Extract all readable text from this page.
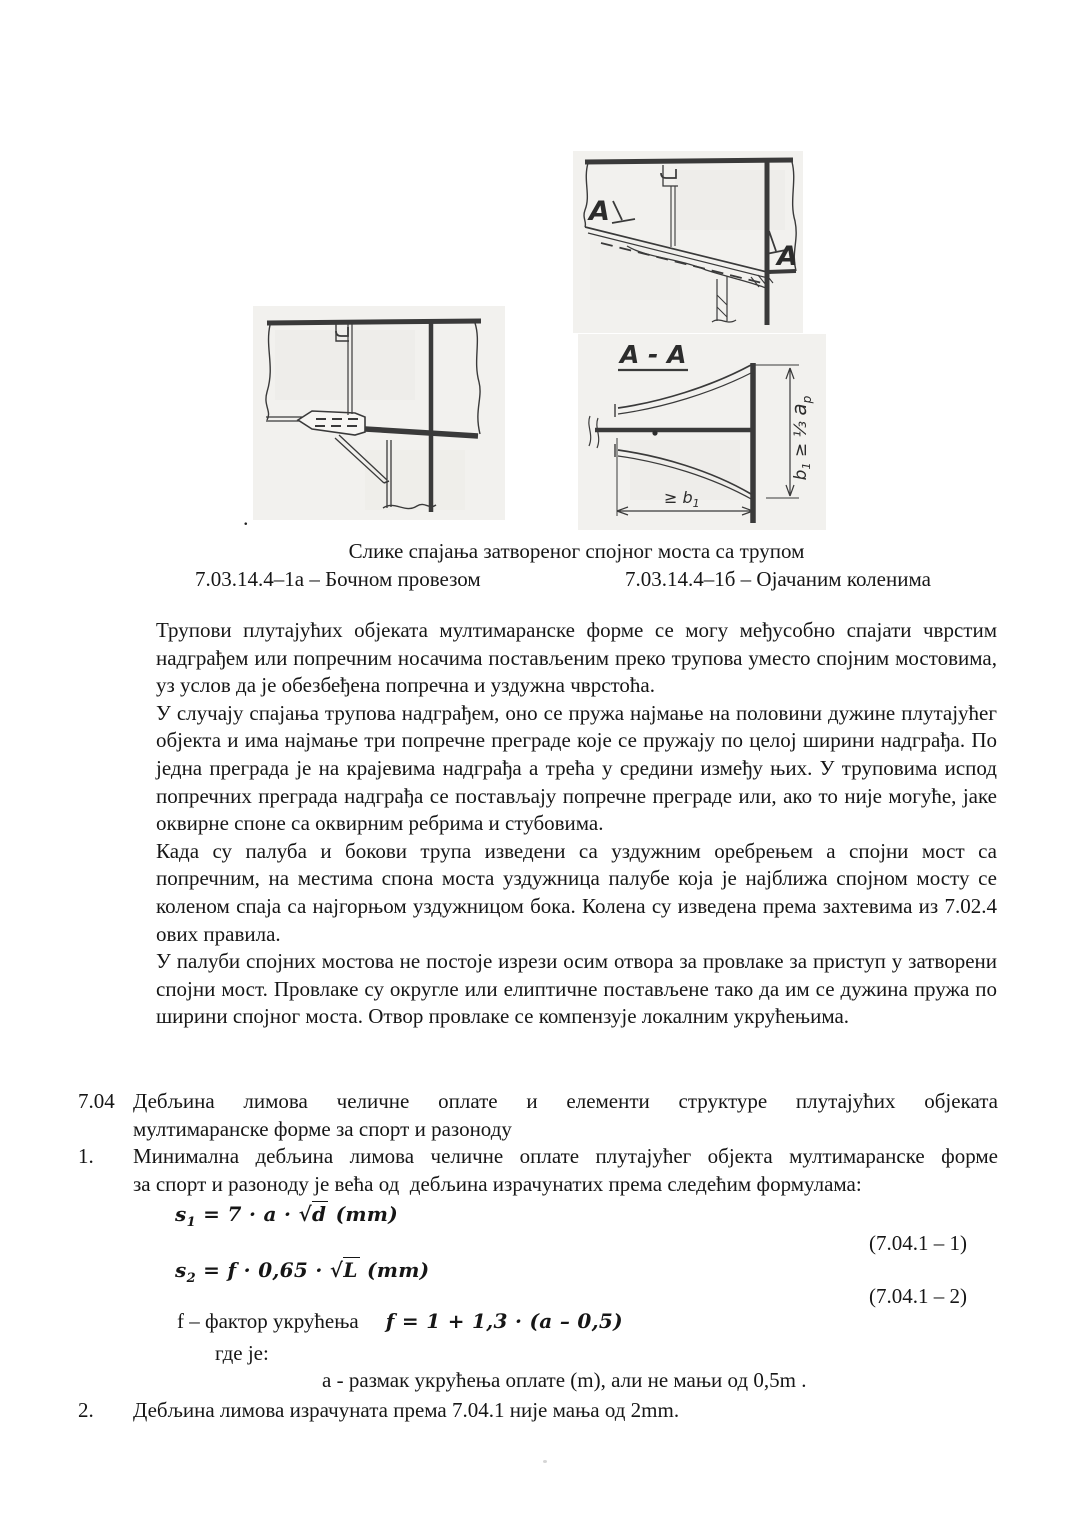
.
A
A
A - A
≥ $b_1$
$b_1$ ≥ ⅓ $a_p$
Слике спајања затвореног спојног моста са трупом
7.03.14.4–1а – Бочном провезом	7.03.14.4–1б – Ојачаним коленима

Трупови плутајућих објеката мултимаранске форме се могу међусобно спајати чврстим надграђем или попречним носачима постављеним преко трупова уместо спојним мостовима, уз услов да је обезбеђена попречна и уздужна чврстоћа.

У случају спајања трупова надграђем, оно се пружа најмање на половини дужине плутајућег објекта и има најмање три попречне преграде које се пружају по целој ширини надграђа. По једна преграда је на крајевима надграђа а трећа у средини између њих. У труповима испод попречних преграда надграђа се постављају попречне преграде или, ако то није могуће, јаке оквирне споне са оквирним ребрима и стубовима.

Када су палуба и бокови трупа изведени са уздужним оребрењем а спојни мост са попречним, на местима спона моста уздужница палубе која је најближа спојном мосту се коленом спаја са најгорњом уздужницом бока. Колена су изведена према захтевима из 7.02.4 ових правила.

У палуби спојних мостова не постоје изрези осим отвора за провлаке за приступ у затворени спојни мост. Провлаке су округле или елиптичне постављене тако да им се дужина пружа по ширини спојног моста. Отвор провлаке се компензује локалним укрућењима.

7.04 Дебљина лимова челичне оплате и елементи структуре плутајућих објеката
мултимаранске форме за спорт и разоноду
1.	Минимална дебљина лимова челичне оплате плутајућег објекта мултимаранске форме
за спорт и разоноду је већа од  дебљина израчунатих према следећим формулама:
$s_1 = 7 \cdot a \cdot √d$ (mm)
(7.04.1 – 1)
$s_2 = f \cdot 0,65 \cdot √L$ (mm)
(7.04.1 – 2)
f – фактор укрућења f = 1 + 1,3 · (a – 0,5)
где је:
а - размак укрућења оплате (m), али не мањи од 0,5m .
2.	Дебљина лимова израчуната према 7.04.1 није мања од 2mm.
